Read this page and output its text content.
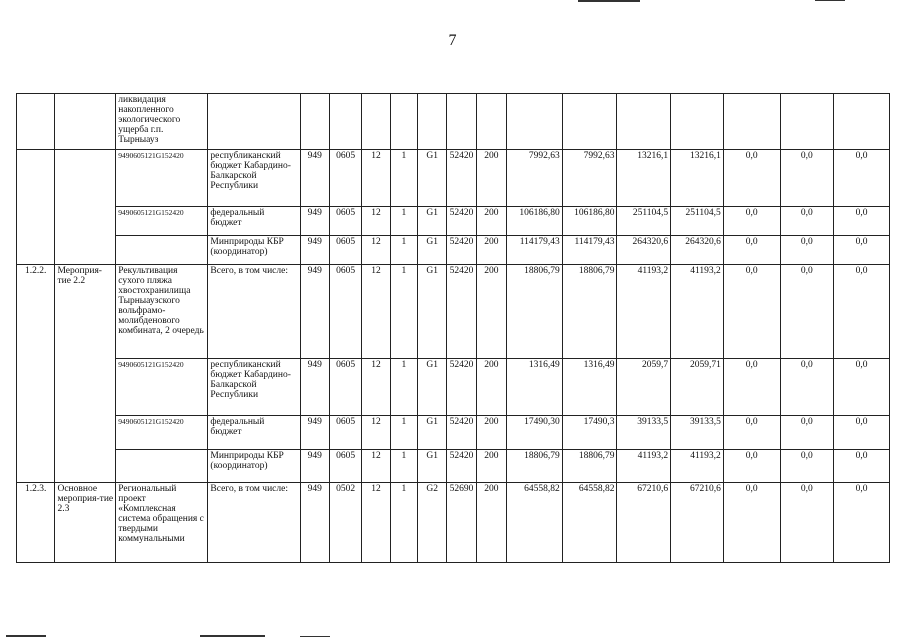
7
		ликвидация накопленного экологического ущерба г.п. Тырныауз															
		9490605121G152420	республиканский бюджет Кабардино-Балкарской Республики	949	0605	12	1	G1	52420	200	7992,63	7992,63	13216,1	13216,1	0,0	0,0	0,0
		9490605121G152420	федеральный бюджет	949	0605	12	1	G1	52420	200	106186,80	106186,80	251104,5	251104,5	0,0	0,0	0,0
			Минприроды КБР (координатор)	949	0605	12	1	G1	52420	200	114179,43	114179,43	264320,6	264320,6	0,0	0,0	0,0
1.2.2.	Мероприя-тие 2.2	Рекультивация сухого пляжа хвостохранилища Тырныаузского вольфрамо-молибденового комбината, 2 очередь	Всего, в том числе:	949	0605	12	1	G1	52420	200	18806,79	18806,79	41193,2	41193,2	0,0	0,0	0,0
		9490605121G152420	республиканский бюджет Кабардино-Балкарской Республики	949	0605	12	1	G1	52420	200	1316,49	1316,49	2059,7	2059,71	0,0	0,0	0,0
		9490605121G152420	федеральный бюджет	949	0605	12	1	G1	52420	200	17490,30	17490,3	39133,5	39133,5	0,0	0,0	0,0
			Минприроды КБР (координатор)	949	0605	12	1	G1	52420	200	18806,79	18806,79	41193,2	41193,2	0,0	0,0	0,0
1.2.3.	Основное мероприя-тие 2.3	Региональный проект «Комплексная система обращения с твердыми коммунальными	Всего, в том числе:	949	0502	12	1	G2	52690	200	64558,82	64558,82	67210,6	67210,6	0,0	0,0	0,0
